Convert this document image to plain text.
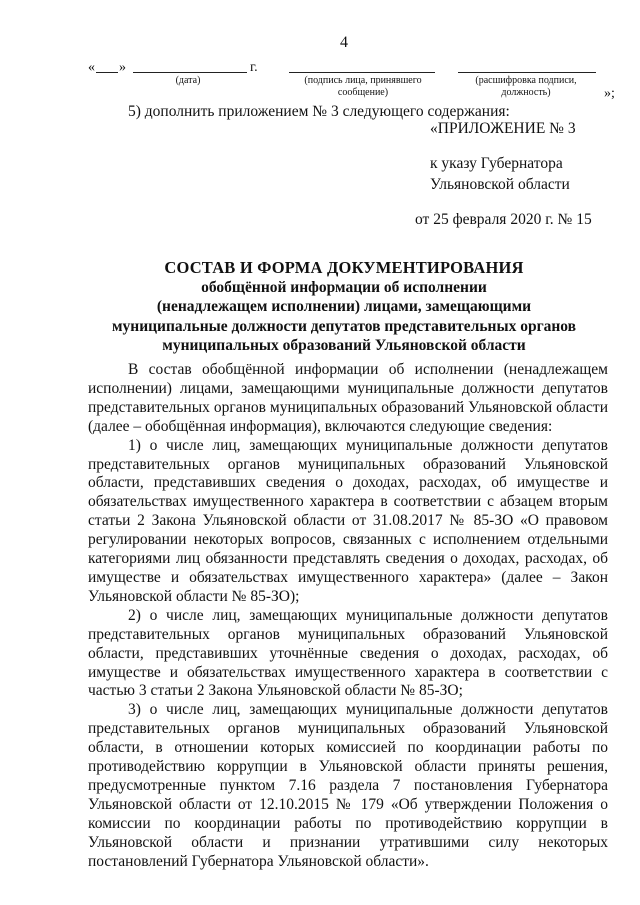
4
« »	г.
(дата)	(подпись лица, принявшего сообщение)
(расшифровка подписи, должность)	»;
5) дополнить приложением № 3 следующего содержания:
«ПРИЛОЖЕНИЕ № 3
к указу Губернатора
Ульяновской области
от 25 февраля 2020 г. № 15
СОСТАВ И ФОРМА ДОКУМЕНТИРОВАНИЯ
обобщённой информации об исполнении
(ненадлежащем исполнении) лицами, замещающими
муниципальные должности депутатов представительных органов
муниципальных образований Ульяновской области

В состав обобщённой информации об исполнении (ненадлежащем исполнении) лицами, замещающими муниципальные должности депутатов представительных органов муниципальных образований Ульяновской области (далее – обобщённая информация), включаются следующие сведения:

1) о числе лиц, замещающих муниципальные должности депутатов представительных органов муниципальных образований Ульяновской области, представивших сведения о доходах, расходах, об имуществе и обязательствах имущественного характера в соответствии с абзацем вторым статьи 2 Закона Ульяновской области от 31.08.2017 № 85-ЗО «О правовом регулировании некоторых вопросов, связанных с исполнением отдельными категориями лиц обязанности представлять сведения о доходах, расходах, об имуществе и обязательствах имущественного характера» (далее – Закон Ульяновской области № 85-ЗО);

2) о числе лиц, замещающих муниципальные должности депутатов представительных органов муниципальных образований Ульяновской области, представивших уточнённые сведения о доходах, расходах, об имуществе и обязательствах имущественного характера в соответствии с частью 3 статьи 2 Закона Ульяновской области № 85-ЗО;

3) о числе лиц, замещающих муниципальные должности депутатов представительных органов муниципальных образований Ульяновской области, в отношении которых комиссией по координации работы по противодействию коррупции в Ульяновской области приняты решения, предусмотренные пунктом 7.16 раздела 7 постановления Губернатора Ульяновской области от 12.10.2015 № 179 «Об утверждении Положения о комиссии по координации работы по противодействию коррупции в Ульяновской области и признании утратившими силу некоторых постановлений Губернатора Ульяновской области».
